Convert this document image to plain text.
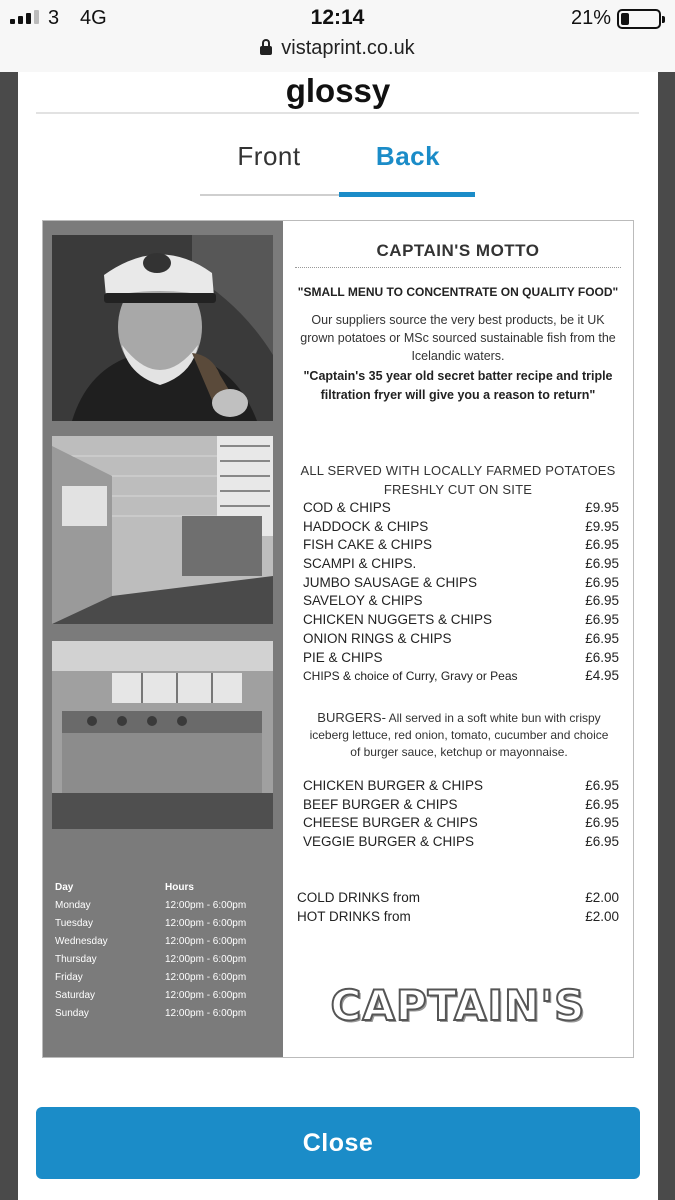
3 4G	12:14	21%
vistaprint.co.uk
glossy
Front	Back
Day	Hours
Monday	12:00pm - 6:00pm
Tuesday	12:00pm - 6:00pm
Wednesday	12:00pm - 6:00pm
Thursday	12:00pm - 6:00pm
Friday	12:00pm - 6:00pm
Saturday	12:00pm - 6:00pm
Sunday	12:00pm - 6:00pm
CAPTAIN'S MOTTO
"SMALL MENU TO CONCENTRATE ON QUALITY FOOD"
Our suppliers source the very best products, be it UK grown potatoes or MSc sourced sustainable fish from the Icelandic waters.
"Captain's 35 year old secret batter recipe and triple filtration fryer will give you a reason to return"
ALL SERVED WITH LOCALLY FARMED POTATOES
FRESHLY CUT ON SITE
COD & CHIPS	£9.95
HADDOCK & CHIPS	£9.95
FISH CAKE & CHIPS	£6.95
SCAMPI & CHIPS.	£6.95
JUMBO SAUSAGE & CHIPS	£6.95
SAVELOY & CHIPS	£6.95
CHICKEN NUGGETS & CHIPS	£6.95
ONION RINGS & CHIPS	£6.95
PIE & CHIPS	£6.95
CHIPS & choice of Curry, Gravy or Peas	£4.95
BURGERS- All served in a soft white bun with crispy iceberg lettuce, red onion, tomato, cucumber and choice of burger sauce, ketchup or mayonnaise.
CHICKEN BURGER & CHIPS	£6.95
BEEF BURGER & CHIPS	£6.95
CHEESE BURGER & CHIPS	£6.95
VEGGIE BURGER & CHIPS	£6.95
COLD DRINKS from	£2.00
HOT DRINKS from	£2.00
CAPTAIN'S
Close
